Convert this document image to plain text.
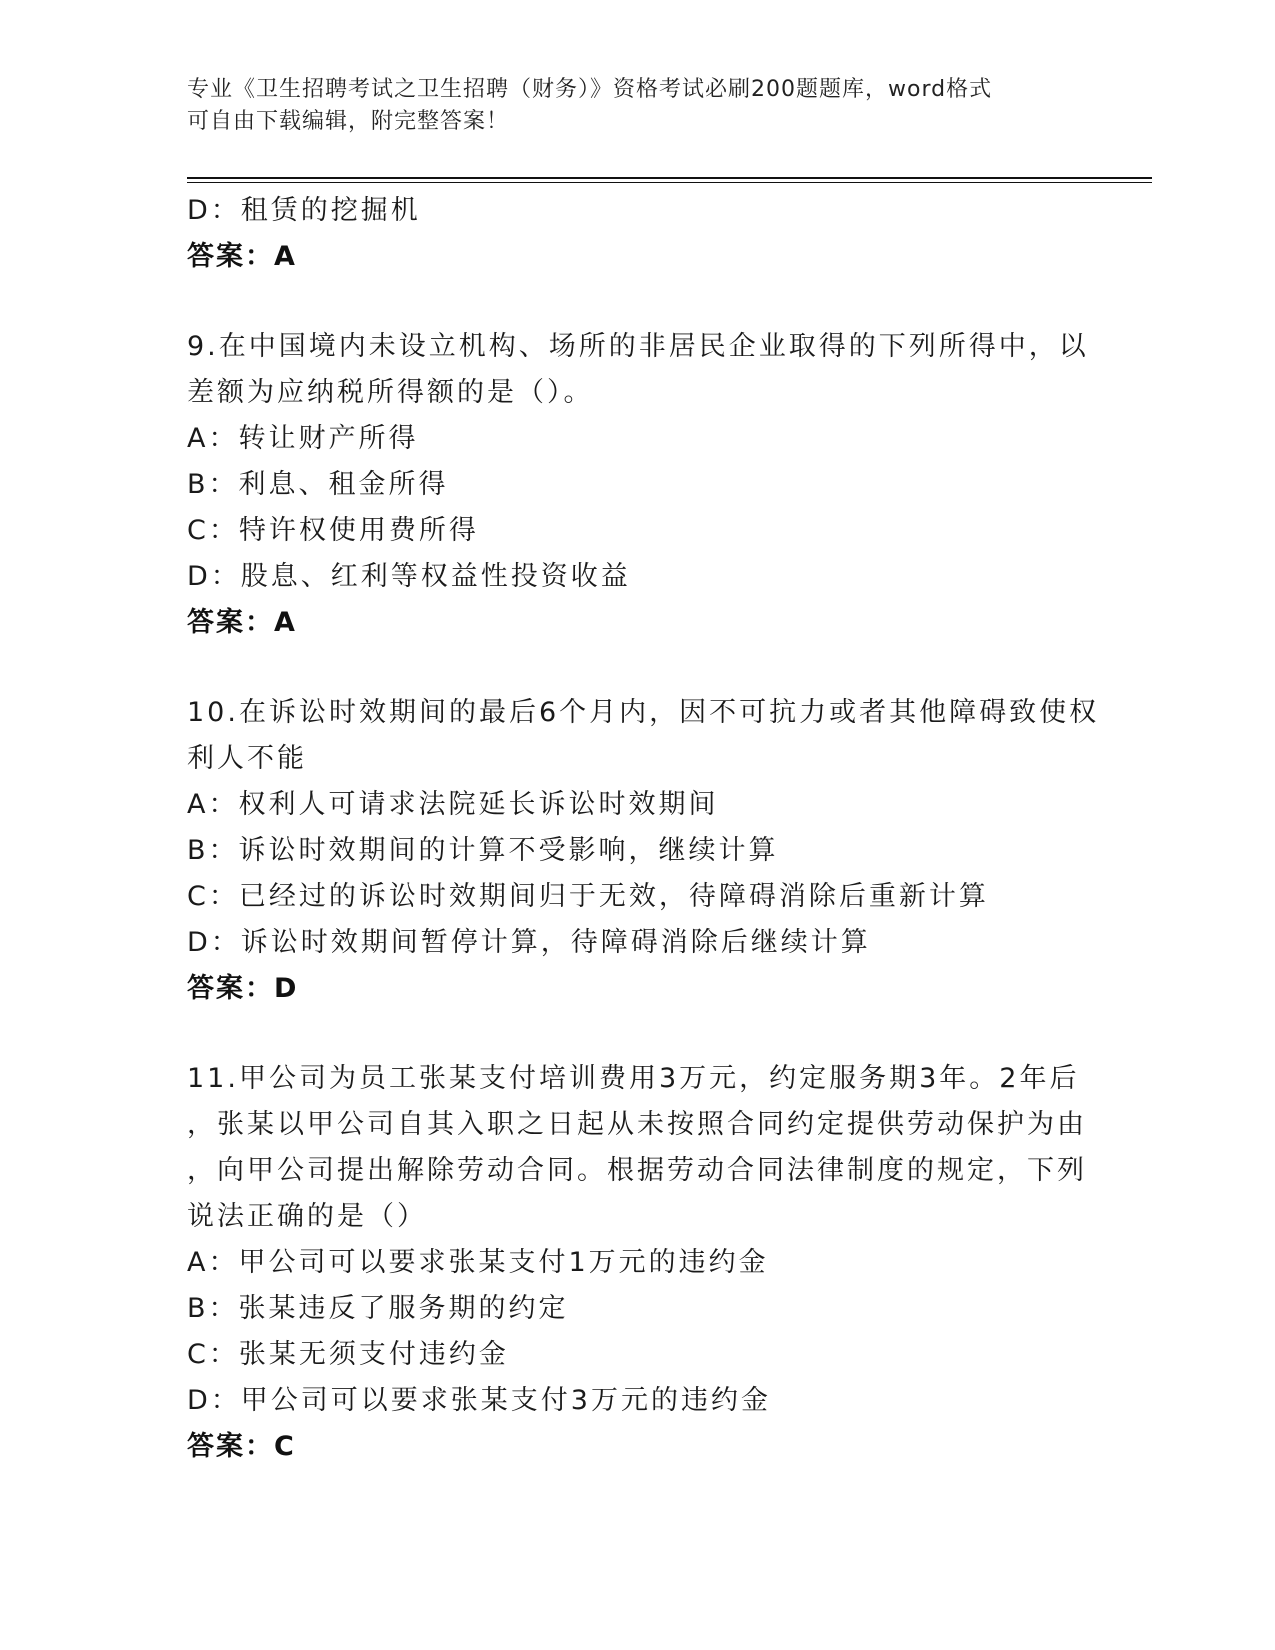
专业《卫生招聘考试之卫生招聘（财务）》资格考试必刷200题题库，word格式
可自由下载编辑，附完整答案！
D：租赁的挖掘机
答案：A
9.在中国境内未设立机构、场所的非居民企业取得的下列所得中，以
差额为应纳税所得额的是（）。
A：转让财产所得
B：利息、租金所得
C：特许权使用费所得
D：股息、红利等权益性投资收益
答案：A
10.在诉讼时效期间的最后6个月内，因不可抗力或者其他障碍致使权
利人不能
A：权利人可请求法院延长诉讼时效期间
B：诉讼时效期间的计算不受影响，继续计算
C：已经过的诉讼时效期间归于无效，待障碍消除后重新计算
D：诉讼时效期间暂停计算，待障碍消除后继续计算
答案：D
11.甲公司为员工张某支付培训费用3万元，约定服务期3年。2年后
，张某以甲公司自其入职之日起从未按照合同约定提供劳动保护为由
，向甲公司提出解除劳动合同。根据劳动合同法律制度的规定，下列
说法正确的是（）
A：甲公司可以要求张某支付1万元的违约金
B：张某违反了服务期的约定
C：张某无须支付违约金
D：甲公司可以要求张某支付3万元的违约金
答案：C
